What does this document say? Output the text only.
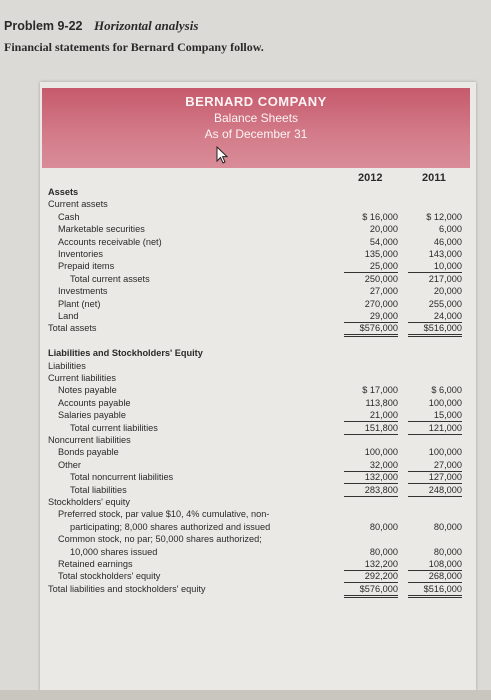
Problem 9-22 Horizontal analysis
Financial statements for Bernard Company follow.
BERNARD COMPANY
Balance Sheets
As of December 31
2012	2011
Assets
Current assets
Cash	$ 16,000	$ 12,000
Marketable securities	20,000	6,000
Accounts receivable (net)	54,000	46,000
Inventories	135,000	143,000
Prepaid items	25,000	10,000
Total current assets	250,000	217,000
Investments	27,000	20,000
Plant (net)	270,000	255,000
Land	29,000	24,000
Total assets	$576,000	$516,000
Liabilities and Stockholders' Equity
Liabilities
Current liabilities
Notes payable	$ 17,000	$ 6,000
Accounts payable	113,800	100,000
Salaries payable	21,000	15,000
Total current liabilities	151,800	121,000
Noncurrent liabilities
Bonds payable	100,000	100,000
Other	32,000	27,000
Total noncurrent liabilities	132,000	127,000
Total liabilities	283,800	248,000
Stockholders' equity
Preferred stock, par value $10, 4% cumulative, non-
participating; 8,000 shares authorized and issued	80,000	80,000
Common stock, no par; 50,000 shares authorized;
10,000 shares issued	80,000	80,000
Retained earnings	132,200	108,000
Total stockholders' equity	292,200	268,000
Total liabilities and stockholders' equity	$576,000	$516,000
